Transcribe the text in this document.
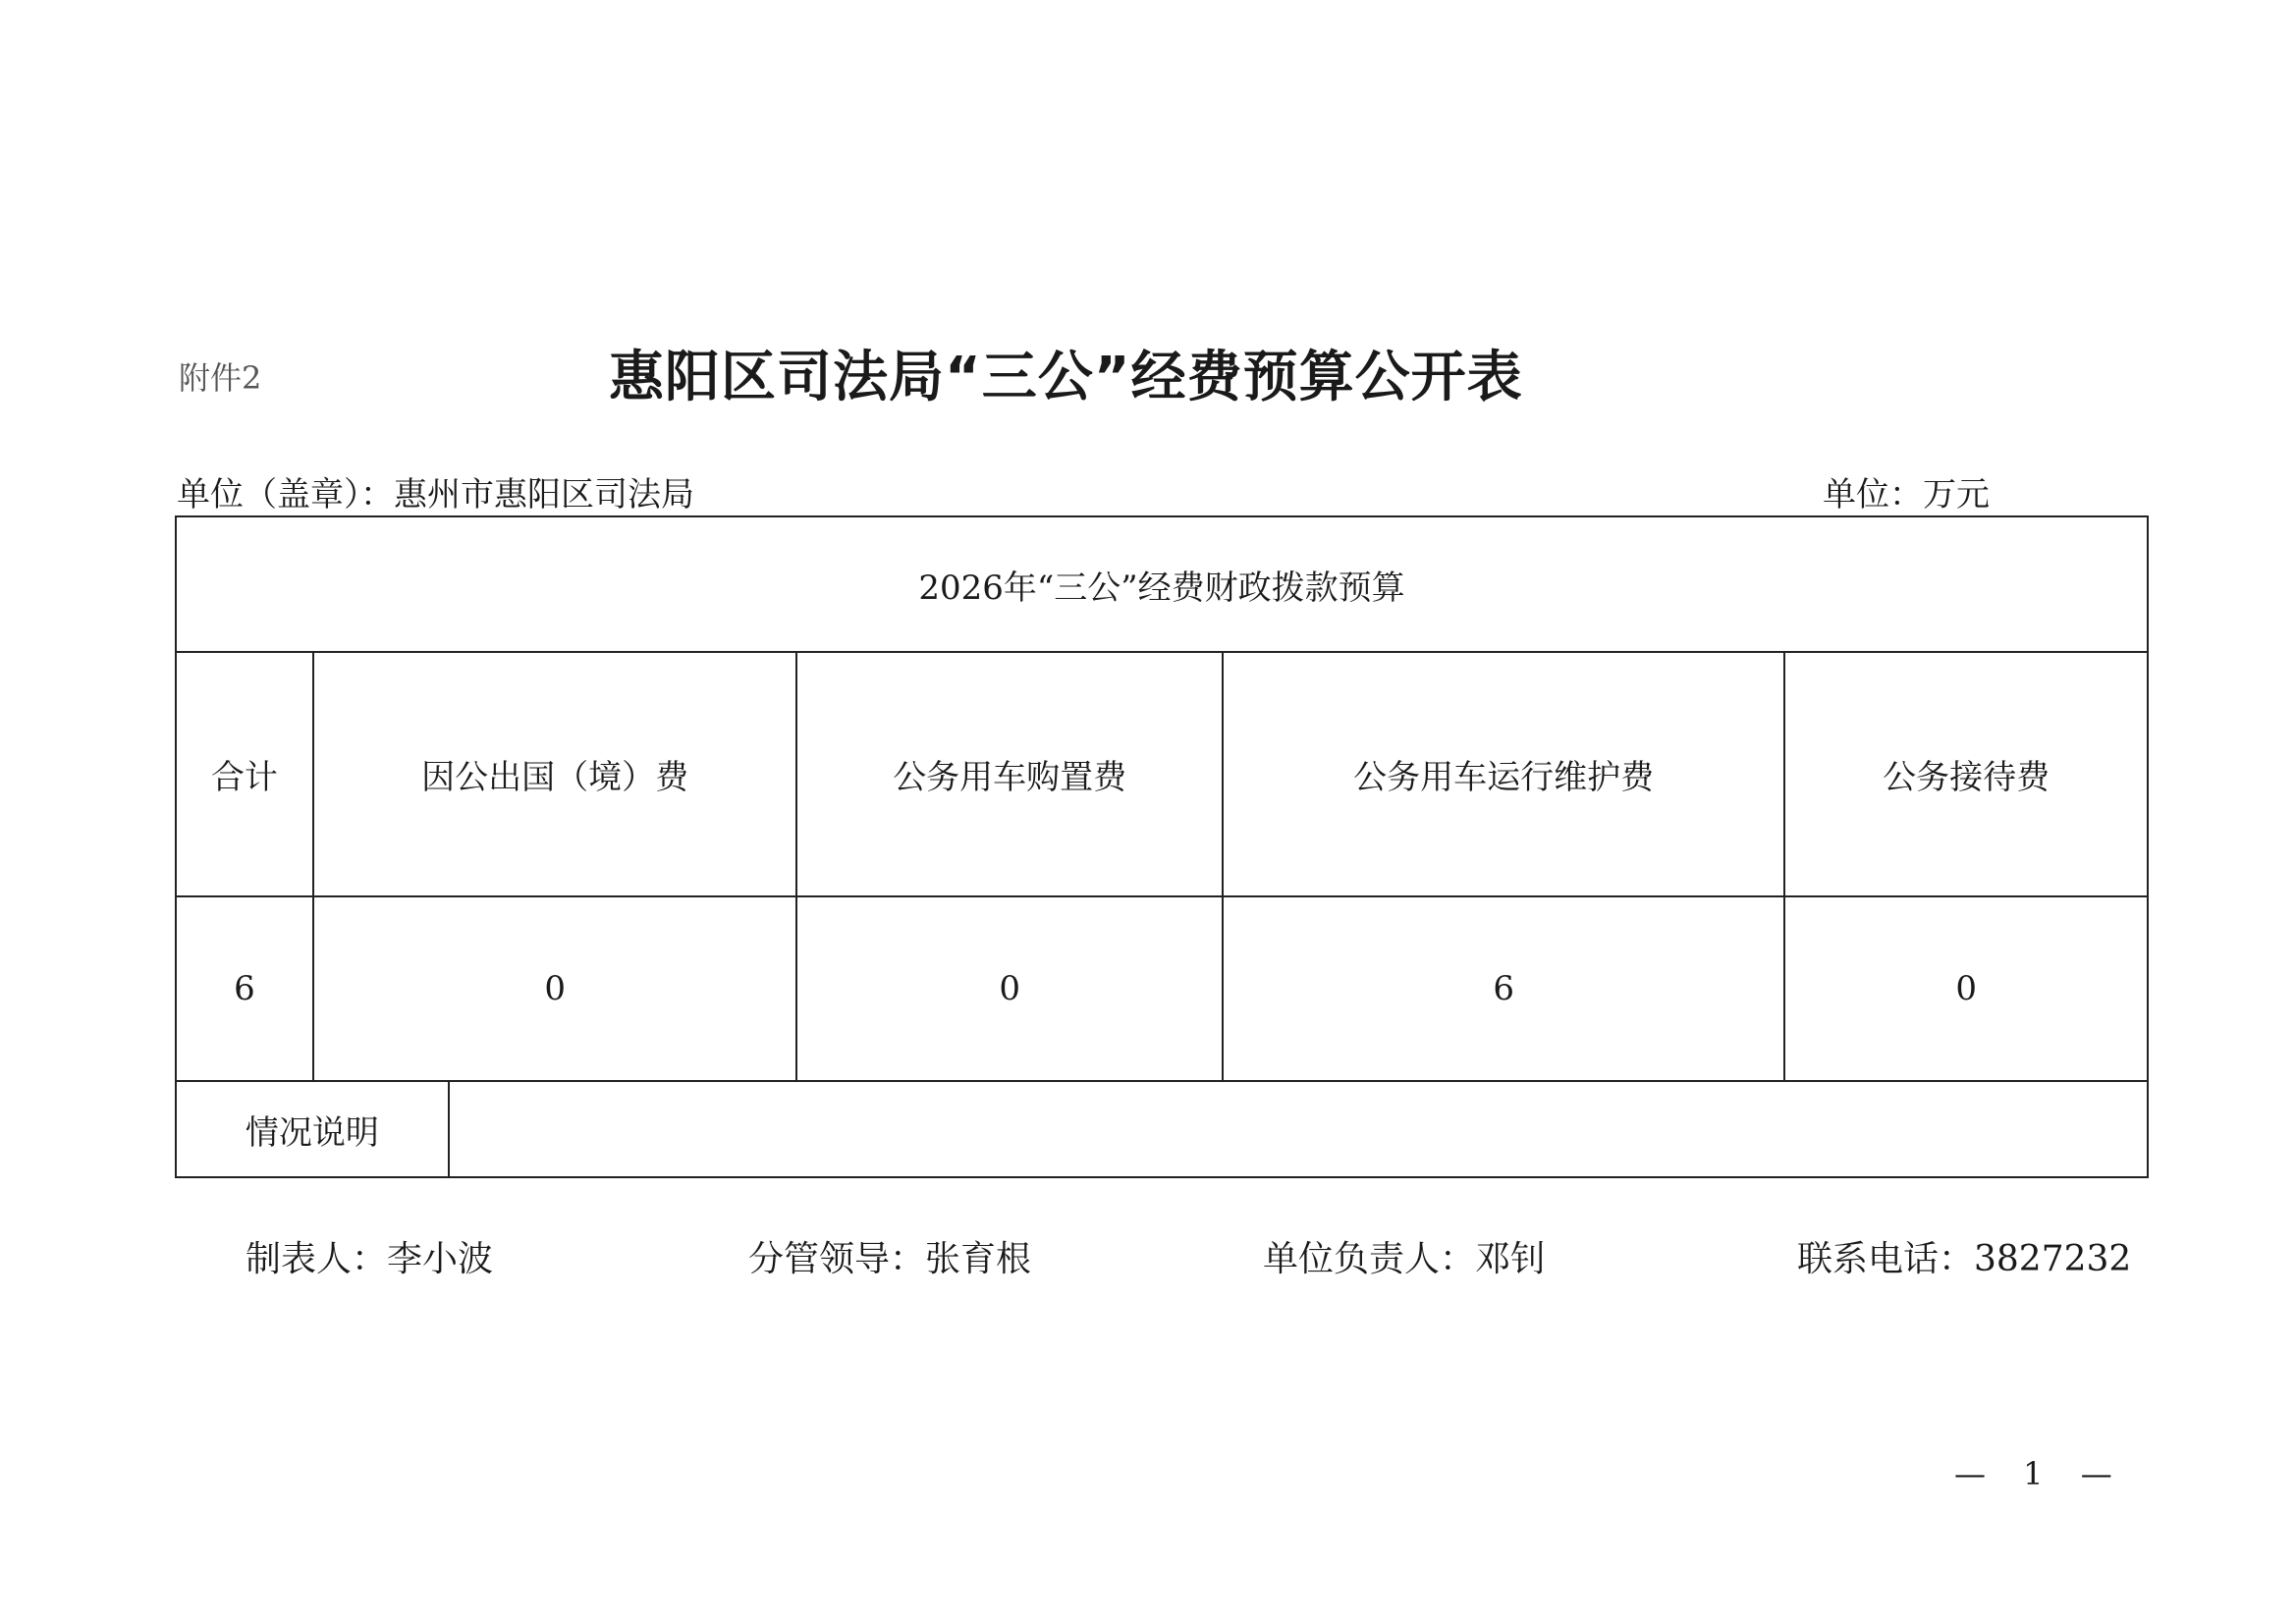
附件2	惠阳区司法局“三公”经费预算公开表
单位（盖章）：惠州市惠阳区司法局	单位：万元
2026年“三公”经费财政拨款预算					
合计	因公出国（境）费		公务用车购置费	公务用车运行维护费	公务接待费
6	0		0	6	0
情况说明					
制表人：李小波	分管领导：张育根	单位负责人：邓钊	联系电话：3827232
— 1 —
